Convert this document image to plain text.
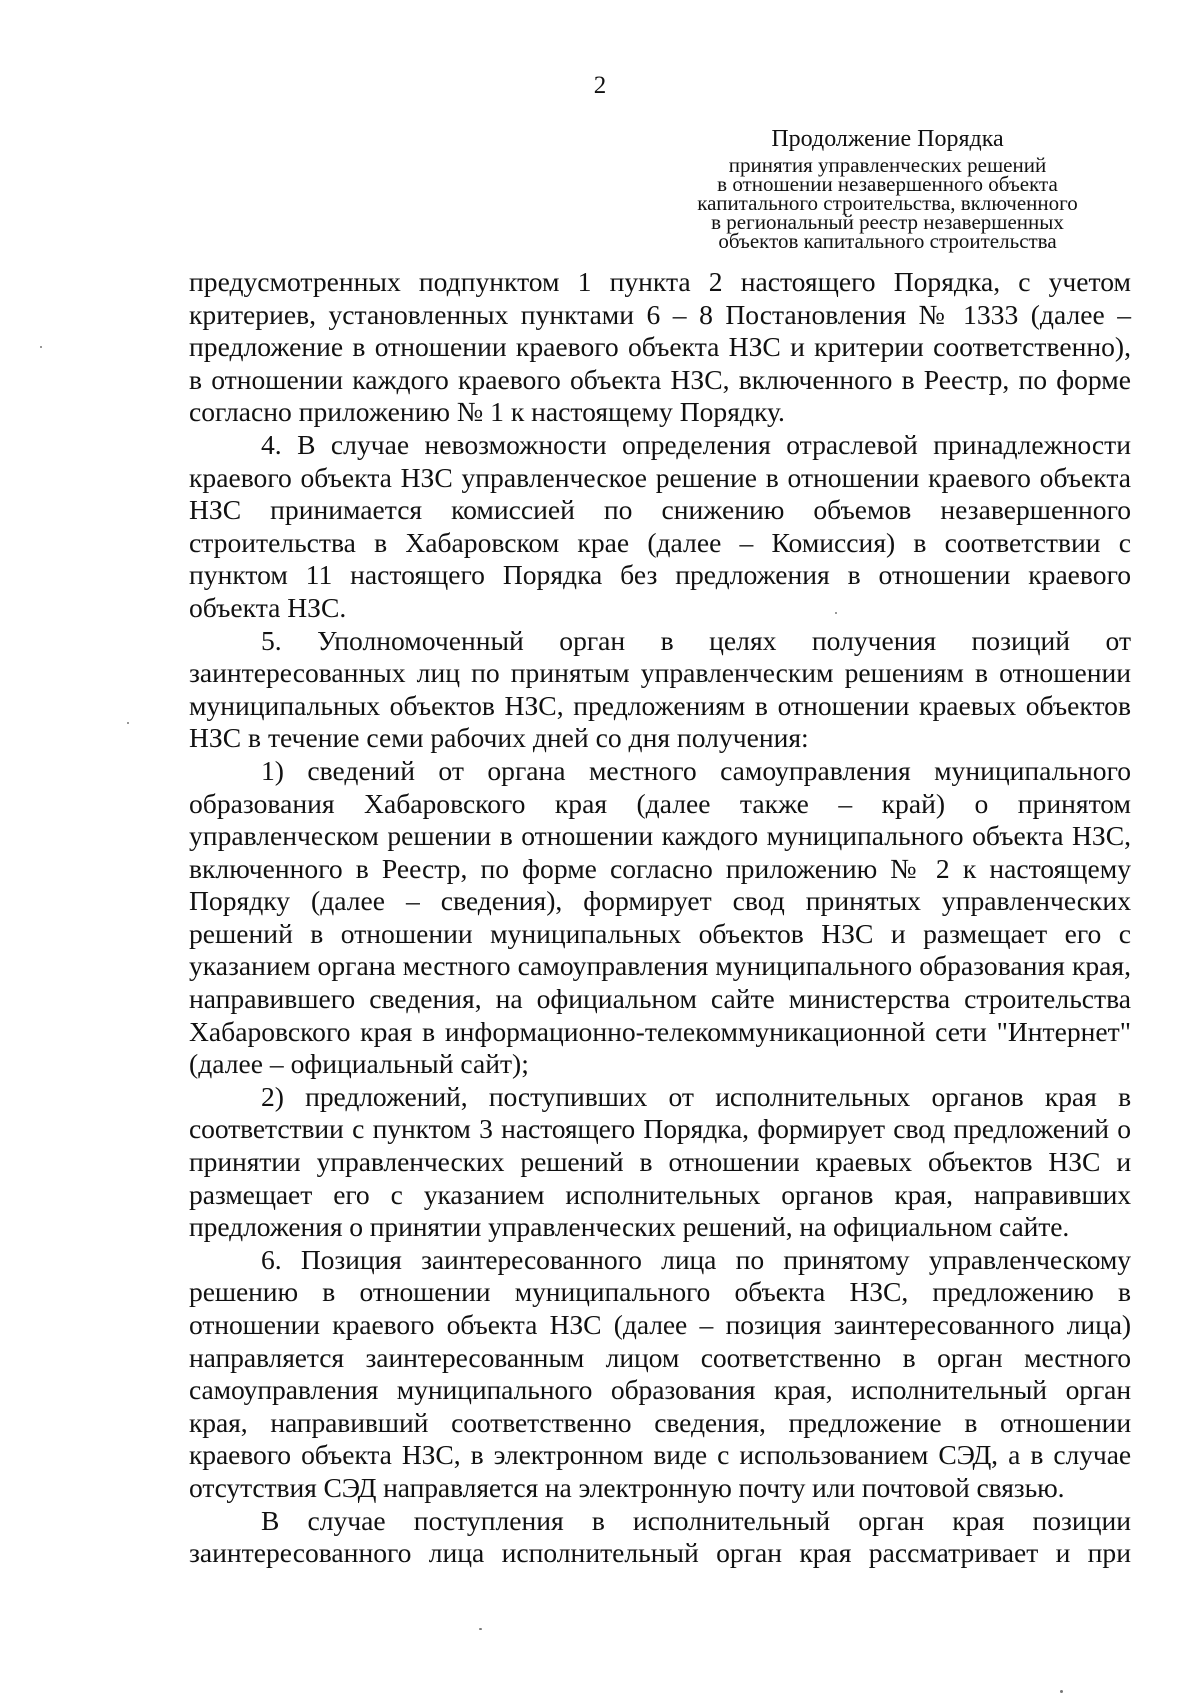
2
Продолжение Порядка
принятия управленческих решений
в отношении незавершенного объекта
капитального строительства, включенного
в региональный реестр незавершенных
объектов капитального строительства

предусмотренных подпунктом 1 пункта 2 настоящего Порядка, с учетом критериев, установленных пунктами 6 – 8 Постановления № 1333 (далее – предложение в отношении краевого объекта НЗС и критерии соответственно), в отношении каждого краевого объекта НЗС, включенного в Реестр, по форме согласно приложению № 1 к настоящему Порядку.

4. В случае невозможности определения отраслевой принадлежности краевого объекта НЗС управленческое решение в отношении краевого объекта НЗС принимается комиссией по снижению объемов незавершенного строительства в Хабаровском крае (далее – Комиссия) в соответствии с пунктом 11 настоящего Порядка без предложения в отношении краевого объекта НЗС.

5. Уполномоченный орган в целях получения позиций от заинтересованных лиц по принятым управленческим решениям в отношении муниципальных объектов НЗС, предложениям в отношении краевых объектов НЗС в течение семи рабочих дней со дня получения:

1) сведений от органа местного самоуправления муниципального образования Хабаровского края (далее также – край) о принятом управленческом решении в отношении каждого муниципального объекта НЗС, включенного в Реестр, по форме согласно приложению № 2 к настоящему Порядку (далее – сведения), формирует свод принятых управленческих решений в отношении муниципальных объектов НЗС и размещает его с указанием органа местного самоуправления муниципального образования края, направившего сведения, на официальном сайте министерства строительства Хабаровского края в информационно-телекоммуникационной сети "Интернет" (далее – официальный сайт);

2) предложений, поступивших от исполнительных органов края в соответствии с пунктом 3 настоящего Порядка, формирует свод предложений о принятии управленческих решений в отношении краевых объектов НЗС и размещает его с указанием исполнительных органов края, направивших предложения о принятии управленческих решений, на официальном сайте.

6. Позиция заинтересованного лица по принятому управленческому решению в отношении муниципального объекта НЗС, предложению в отношении краевого объекта НЗС (далее – позиция заинтересованного лица) направляется заинтересованным лицом соответственно в орган местного самоуправления муниципального образования края, исполнительный орган края, направивший соответственно сведения, предложение в отношении краевого объекта НЗС, в электронном виде с использованием СЭД, а в случае отсутствия СЭД направляется на электронную почту или почтовой связью.

В случае поступления в исполнительный орган края позиции заинтересованного лица исполнительный орган края рассматривает и при
